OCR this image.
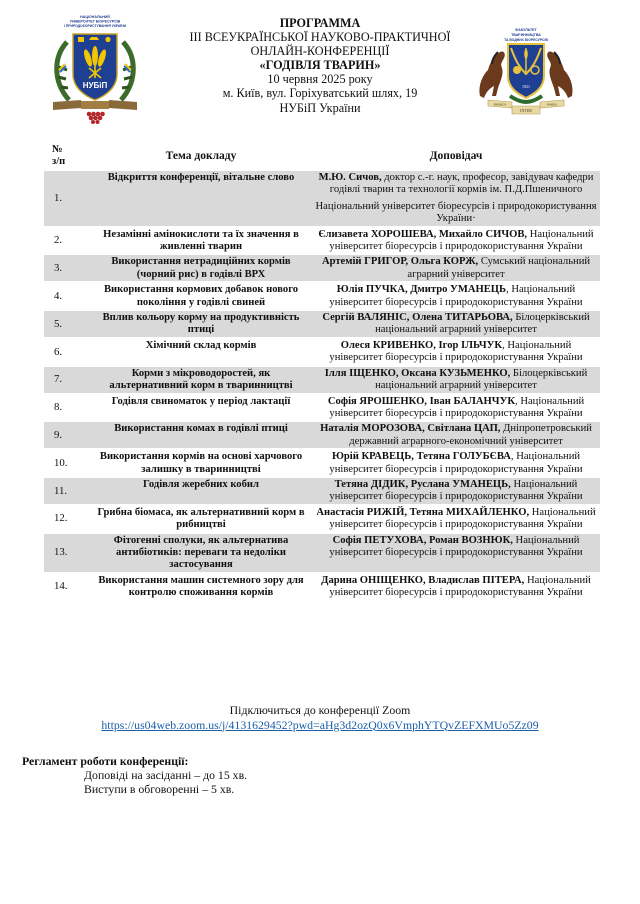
НАЦІОНАЛЬНИЙ
УНІВЕРСИТЕТ БІОРЕСУРСІВ
І ПРИРОДОКОРИСТУВАННЯ УКРАЇНИ
НУБіП
ПРОГРАММА
III ВСЕУКРАЇНСЬКОЇ НАУКОВО-ПРАКТИЧНОЇ
ОНЛАЙН-КОНФЕРЕНЦІЇ
«ГОДІВЛЯ ТВАРИН»
10 червня 2025 року
м. Київ, вул. Горіхуватський шлях, 19
НУБіП України
ФАКУЛЬТЕТ
ТВАРИННИЦТВА
ТА ВОДНИХ БІОРЕСУРСІВ
1921
PRIMUS	PARES
INTER
№
з/п	Тема докладу	Доповідач
1.	Відкриття конференції, вітальне слово	М.Ю. Сичов, доктор с.-г. наук, професор, завідувач кафедри годівлі тварин та технології кормів ім. П.Д.Пшеничного
Національний університет біоресурсів і природокористування України·
2.	Незамінні амінокислоти та їх значення в живленні тварин	Єлизавета ХОРОШЕВА, Михайло СИЧОВ, Національний університет біоресурсів і природокористування України
3.	Використання нетрадиційних кормів (чорний рис) в годівлі ВРХ	Артемій ГРИГОР, Ольга КОРЖ, Сумський національний аграрний університет
4.	Використання кормових добавок нового покоління у годівлі свиней	Юлія ПУЧКА, Дмитро УМАНЕЦЬ, Національний університет біоресурсів і природокористування України
5.	Вплив кольору корму на продуктивність птиці	Сергій ВАЛЯНІС, Олена ТИТАРЬОВА, Білоцерківський національний аграрний університет
6.	Хімічний склад кормів	Олеся КРИВЕНКО, Ігор ІЛЬЧУК, Національний університет біоресурсів і природокористування України
7.	Корми з мікроводоростей, як альтернативний корм в тваринництві	Ілля ІЩЕНКО, Оксана КУЗЬМЕНКО, Білоцерківський національний аграрний університет
8.	Годівля свиноматок у період лактації	Софія ЯРОШЕНКО, Іван БАЛАНЧУК, Національний університет біоресурсів і природокористування України
9.	Використання комах в годівлі птиці	Наталія МОРОЗОВА, Світлана ЦАП, Дніпропетровський державний аграрного-економічний університет
10.	Використання кормів на основі харчового залишку в тваринництві	Юрій КРАВЕЦЬ, Тетяна ГОЛУБЄВА, Національний університет біоресурсів і природокористування України
11.	Годівля жеребних кобил	Тетяна ДІДИК, Руслана УМАНЕЦЬ, Національний університет біоресурсів і природокористування України
12.	Грибна біомаса, як альтернативний корм в рибництві	Анастасія РИЖІЙ, Тетяна МИХАЙЛЕНКО, Національний університет біоресурсів і природокористування України
13.	Фітогенні сполуки, як альтернатива антибіотиків: переваги та недоліки застосування	Софія ПЕТУХОВА, Роман ВОЗНЮК, Національний університет біоресурсів і природокористування України
14.	Використання машин системного зору для контролю споживання кормів	Дарина ОНІЩЕНКО, Владислав ПІТЕРА, Національний університет біоресурсів і природокористування України
Підключиться до конференції Zoom
https://us04web.zoom.us/j/4131629452?pwd=aHg3d2ozQ0x6VmphYTQvZEFXMUo5Zz09
Регламент роботи конференції:
Доповіді на засіданні – до 15 хв.
Виступи в обговоренні – 5 хв.
